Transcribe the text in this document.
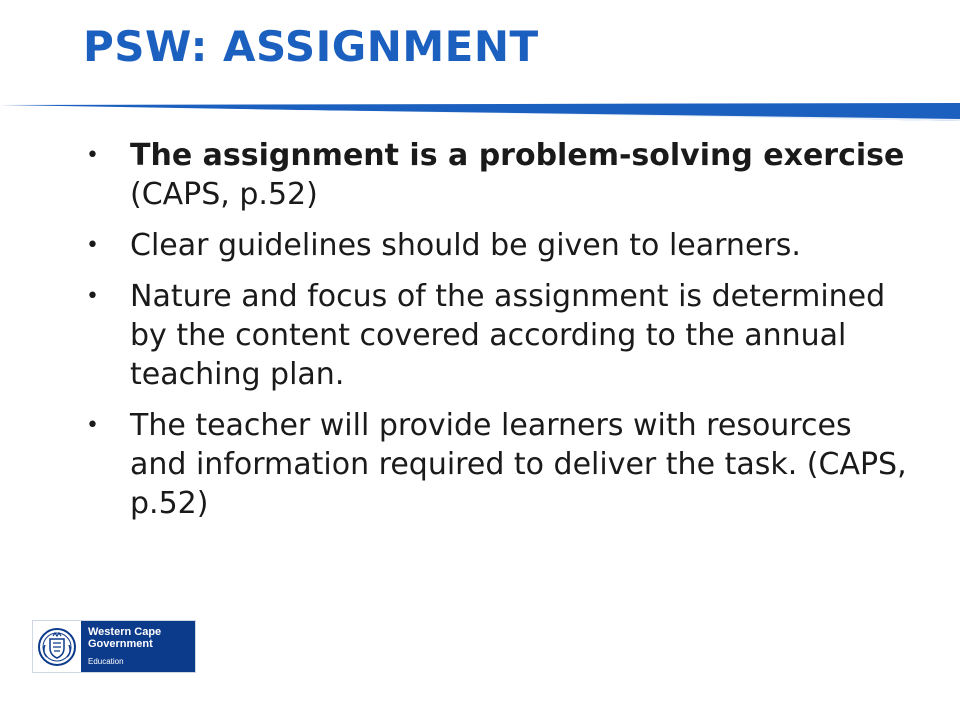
PSW: ASSIGNMENT
• The assignment is a problem-solving exercise (CAPS, p.52)
• Clear guidelines should be given to learners.
• Nature and focus of the assignment is determined by the content covered according to the annual teaching plan.
• The teacher will provide learners with resources and information required to deliver the task. (CAPS, p.52)
Western Cape
Government
Education
